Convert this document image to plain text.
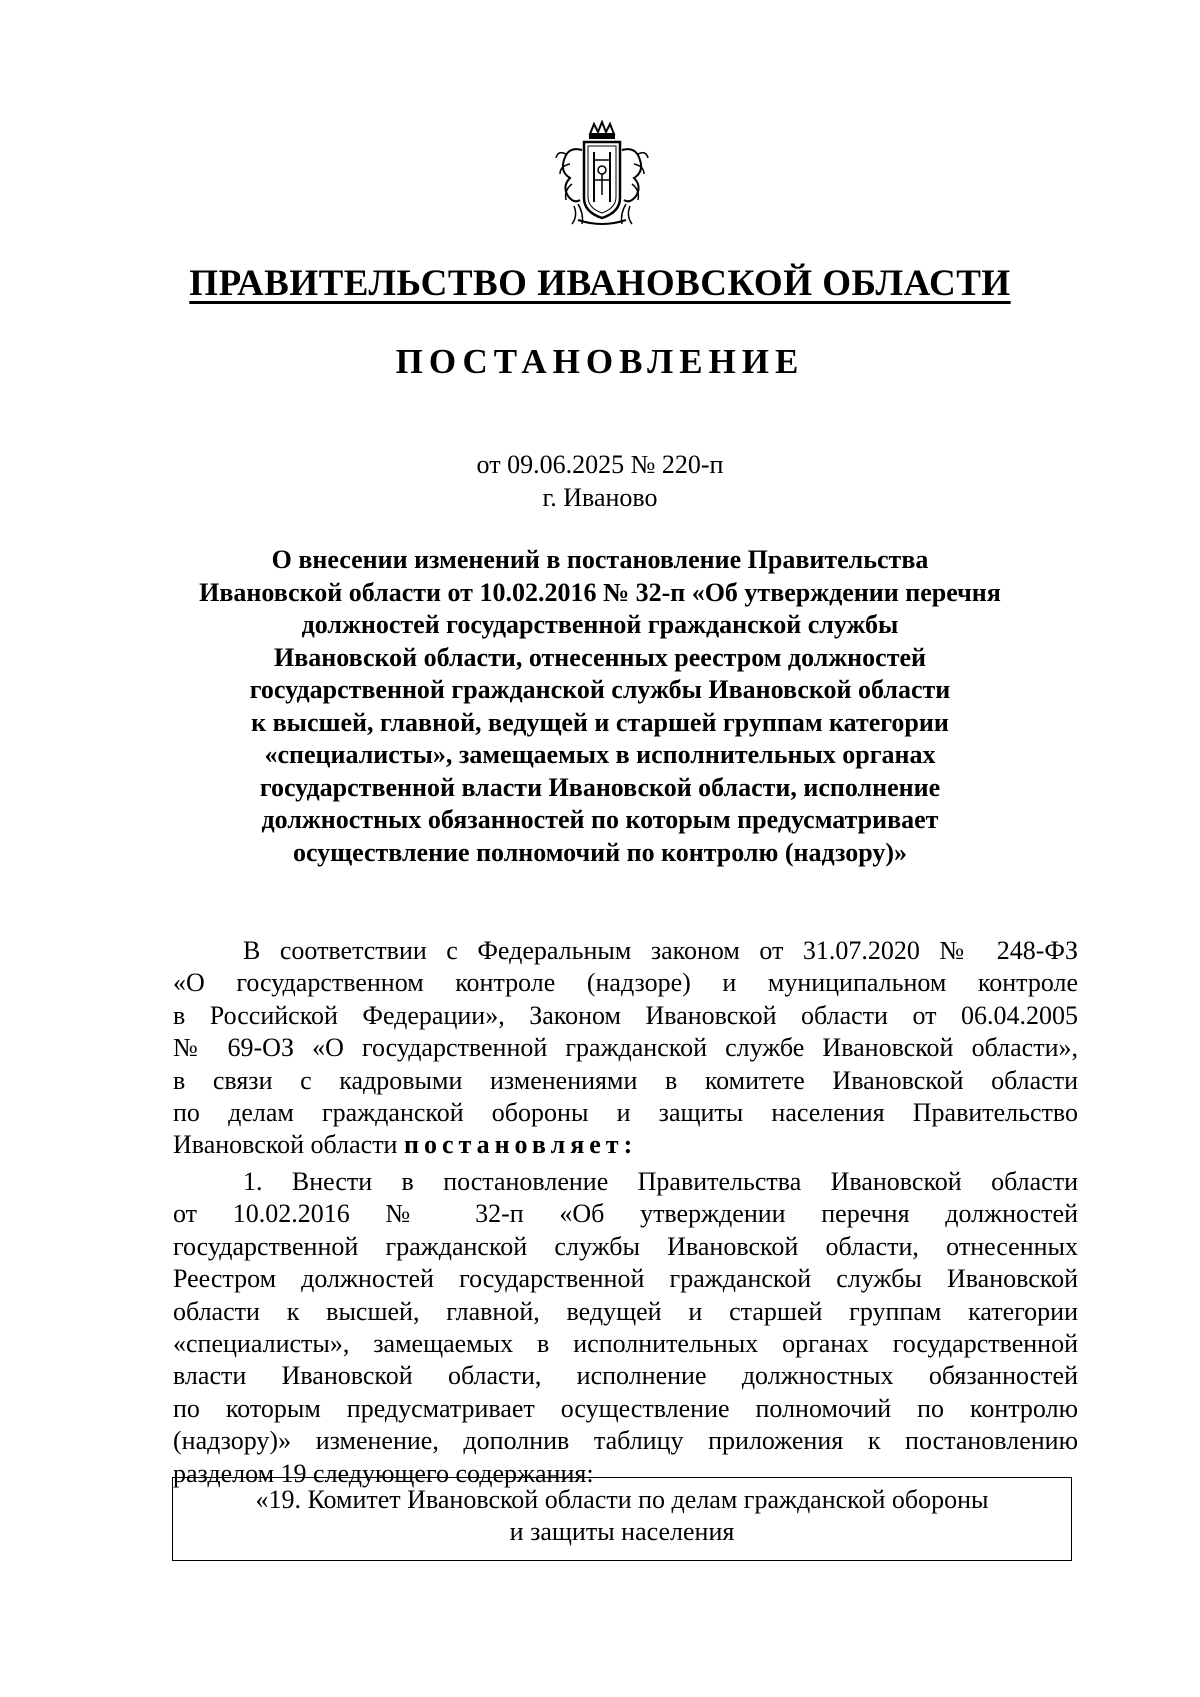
ПРАВИТЕЛЬСТВО ИВАНОВСКОЙ ОБЛАСТИ
ПОСТАНОВЛЕНИЕ
от 09.06.2025 № 220-п
г. Иваново
О внесении изменений в постановление Правительства
Ивановской области от 10.02.2016 № 32-п «Об утверждении перечня
должностей государственной гражданской службы
Ивановской области, отнесенных реестром должностей
государственной гражданской службы Ивановской области
к высшей, главной, ведущей и старшей группам категории
«специалисты», замещаемых в исполнительных органах
государственной власти Ивановской области, исполнение
должностных обязанностей по которым предусматривает
осуществление полномочий по контролю (надзору)»
В соответствии с Федеральным законом от 31.07.2020 № 248-ФЗ
«О государственном контроле (надзоре) и муниципальном контроле
в Российской Федерации», Законом Ивановской области от 06.04.2005
№ 69-ОЗ «О государственной гражданской службе Ивановской области»,
в связи с кадровыми изменениями в комитете Ивановской области
по делам гражданской обороны и защиты населения Правительство
Ивановской области постановляет:
1. Внести в постановление Правительства Ивановской области
от 10.02.2016 № 32-п «Об утверждении перечня должностей
государственной гражданской службы Ивановской области, отнесенных
Реестром должностей государственной гражданской службы Ивановской
области к высшей, главной, ведущей и старшей группам категории
«специалисты», замещаемых в исполнительных органах государственной
власти Ивановской области, исполнение должностных обязанностей
по которым предусматривает осуществление полномочий по контролю
(надзору)» изменение, дополнив таблицу приложения к постановлению
разделом 19 следующего содержания:
«19. Комитет Ивановской области по делам гражданской обороны
и защиты населения
